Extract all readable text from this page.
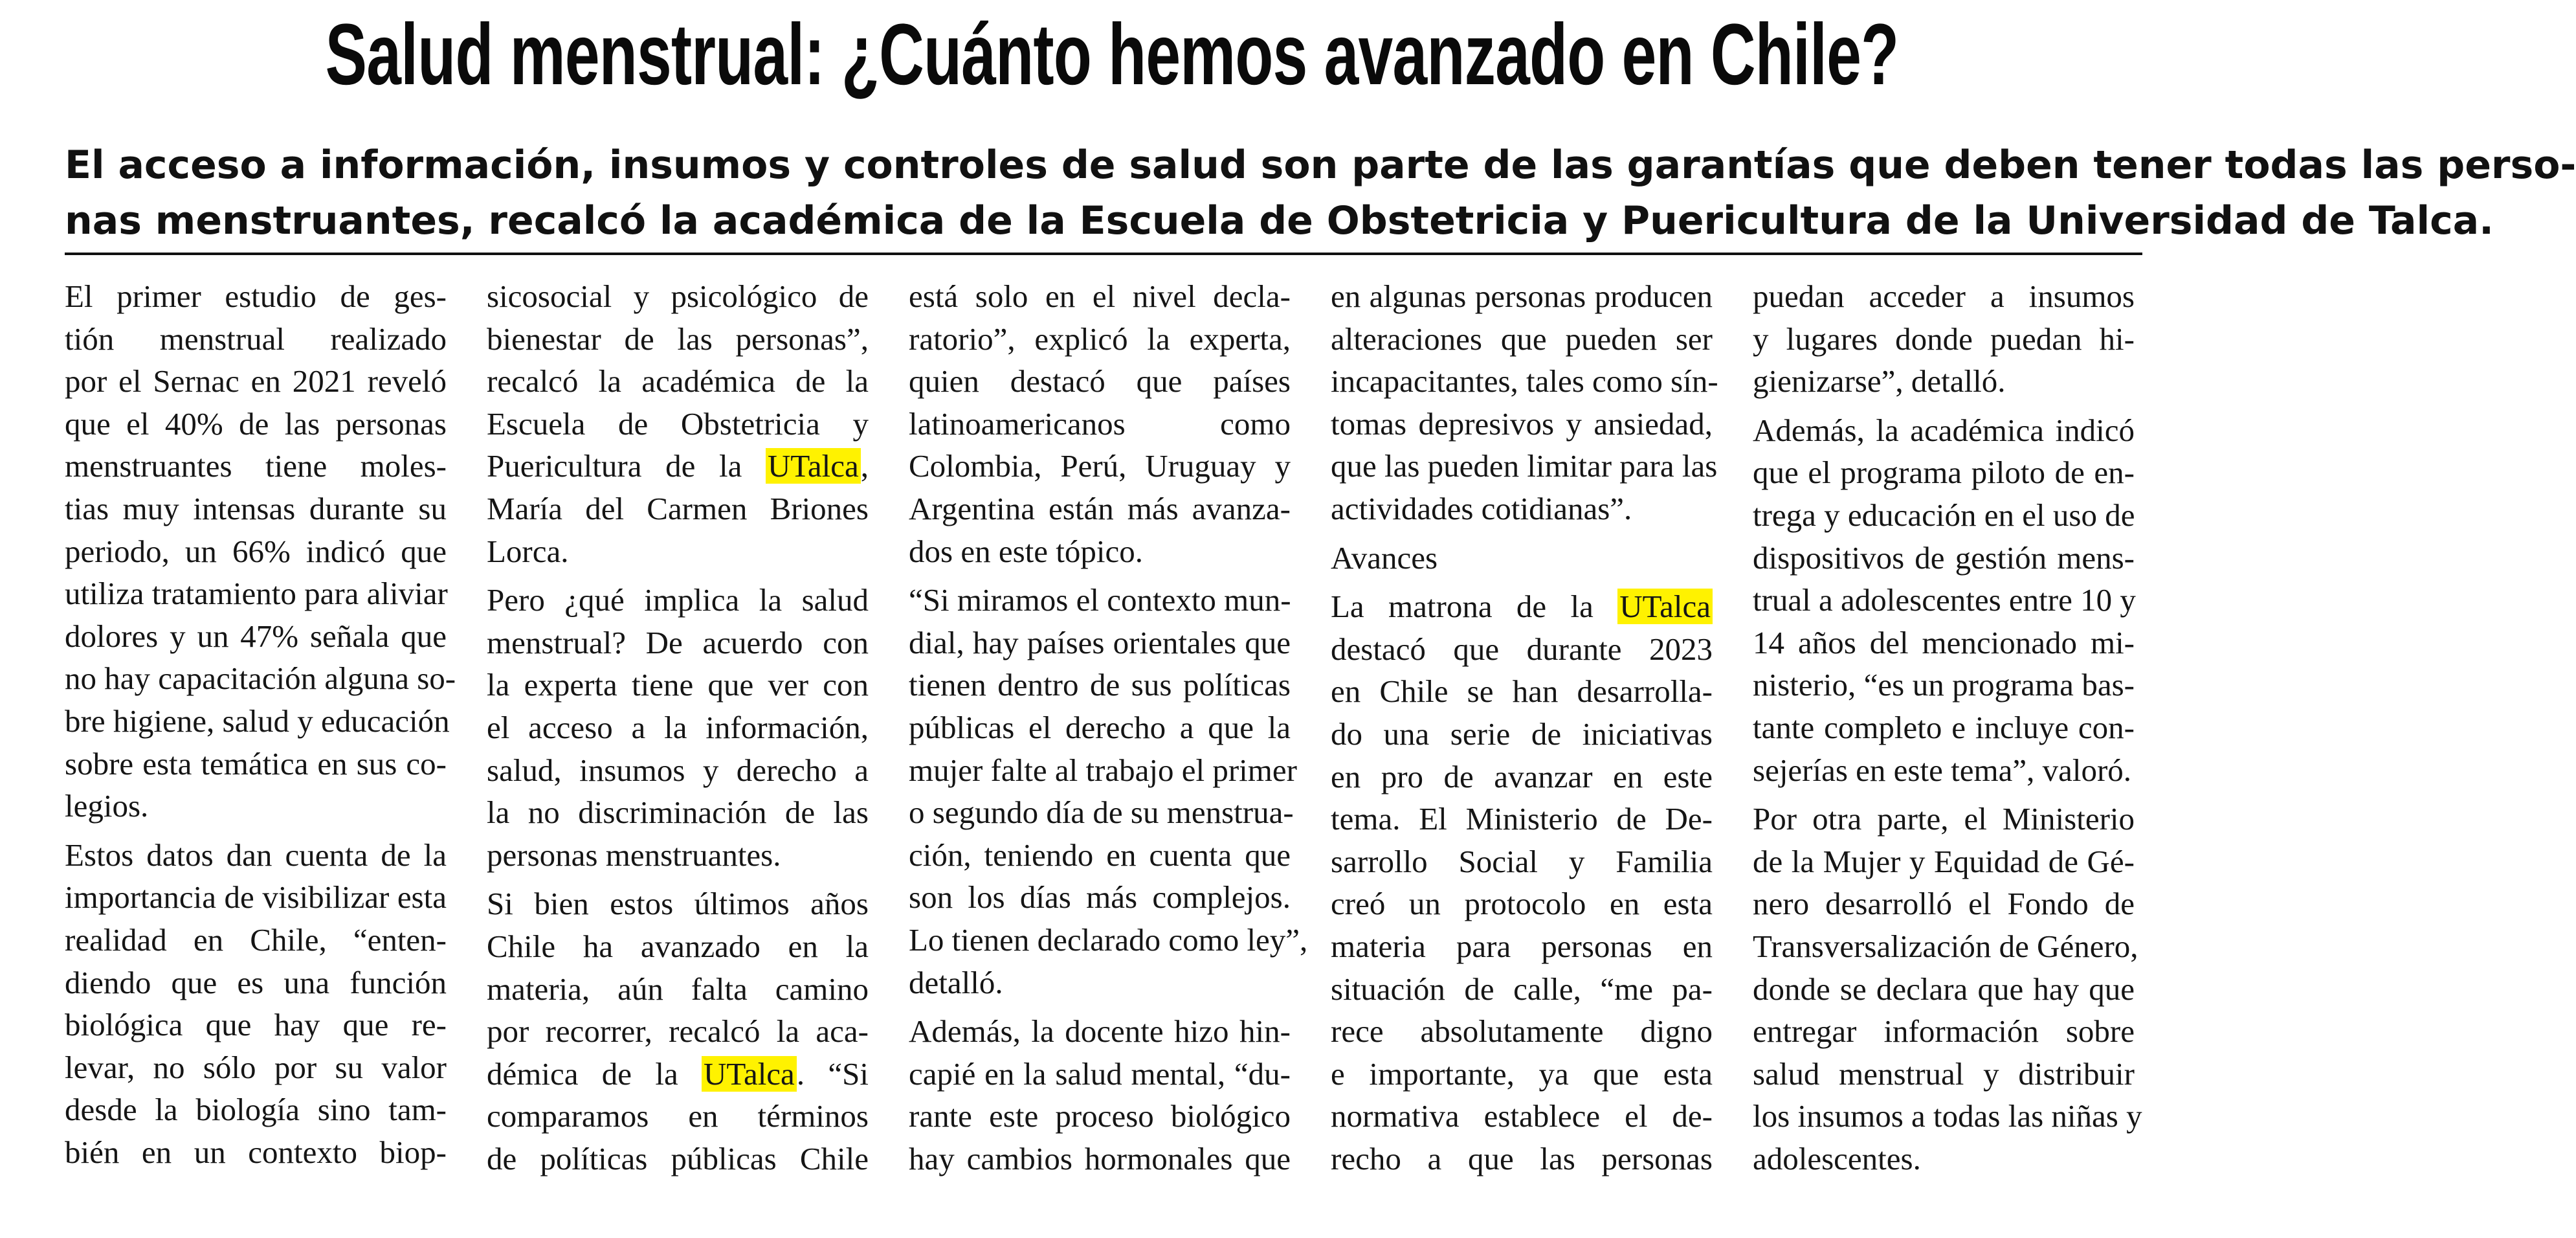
Salud menstrual: ¿Cuánto hemos avanzado en Chile?
El acceso a información, insumos y controles de salud son parte de las garantías que deben tener todas las perso-
nas menstruantes, recalcó la académica de la Escuela de Obstetricia y Puericultura de la Universidad de Talca.
El primer estudio de ges-
tión menstrual realizado
por el Sernac en 2021 reveló
que el 40% de las personas
menstruantes tiene moles-
tias muy intensas durante su
periodo, un 66% indicó que
utiliza tratamiento para aliviar
dolores y un 47% señala que
no hay capacitación alguna so-
bre higiene, salud y educación
sobre esta temática en sus co-
legios.
Estos datos dan cuenta de la
importancia de visibilizar esta
realidad en Chile, “enten-
diendo que es una función
biológica que hay que re-
levar, no sólo por su valor
desde la biología sino tam-
bién en un contexto biop-
sicosocial y psicológico de
bienestar de las personas”,
recalcó la académica de la
Escuela de Obstetricia y
Puericultura de la UTalca,
María del Carmen Briones
Lorca.
Pero ¿qué implica la salud
menstrual? De acuerdo con
la experta tiene que ver con
el acceso a la información,
salud, insumos y derecho a
la no discriminación de las
personas menstruantes.
Si bien estos últimos años
Chile ha avanzado en la
materia, aún falta camino
por recorrer, recalcó la aca-
démica de la UTalca. “Si
comparamos en términos
de políticas públicas Chile
está solo en el nivel decla-
ratorio”, explicó la experta,
quien destacó que países
latinoamericanos como
Colombia, Perú, Uruguay y
Argentina están más avanza-
dos en este tópico.
“Si miramos el contexto mun-
dial, hay países orientales que
tienen dentro de sus políticas
públicas el derecho a que la
mujer falte al trabajo el primer
o segundo día de su menstrua-
ción, teniendo en cuenta que
son los días más complejos.
Lo tienen declarado como ley”,
detalló.
Además, la docente hizo hin-
capié en la salud mental, “du-
rante este proceso biológico
hay cambios hormonales que
en algunas personas producen
alteraciones que pueden ser
incapacitantes, tales como sín-
tomas depresivos y ansiedad,
que las pueden limitar para las
actividades cotidianas”.
Avances
La matrona de la UTalca
destacó que durante 2023
en Chile se han desarrolla-
do una serie de iniciativas
en pro de avanzar en este
tema. El Ministerio de De-
sarrollo Social y Familia
creó un protocolo en esta
materia para personas en
situación de calle, “me pa-
rece absolutamente digno
e importante, ya que esta
normativa establece el de-
recho a que las personas
puedan acceder a insumos
y lugares donde puedan hi-
gienizarse”, detalló.
Además, la académica indicó
que el programa piloto de en-
trega y educación en el uso de
dispositivos de gestión mens-
trual a adolescentes entre 10 y
14 años del mencionado mi-
nisterio, “es un programa bas-
tante completo e incluye con-
sejerías en este tema”, valoró.
Por otra parte, el Ministerio
de la Mujer y Equidad de Gé-
nero desarrolló el Fondo de
Transversalización de Género,
donde se declara que hay que
entregar información sobre
salud menstrual y distribuir
los insumos a todas las niñas y
adolescentes.
